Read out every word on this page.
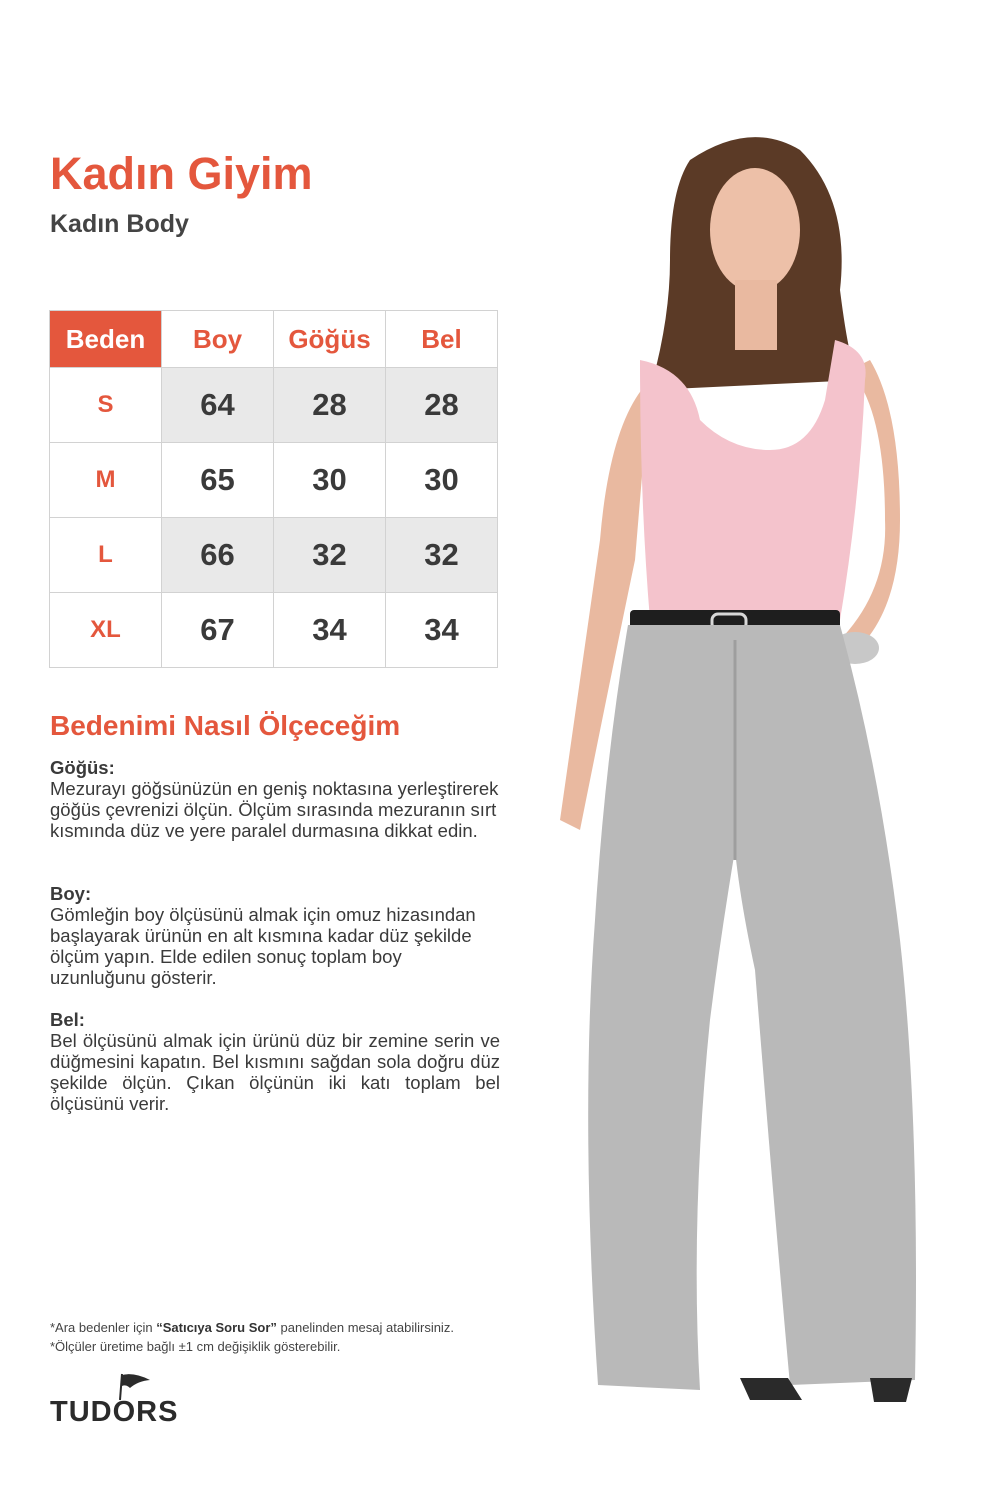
Kadın Giyim
Kadın Body
Beden	Boy	Göğüs	Bel
S	64	28	28
M	65	30	30
L	66	32	32
XL	67	34	34
Bedenimi Nasıl Ölçeceğim
Göğüs:

Mezurayı göğsünüzün en geniş noktasına yerleştirerek göğüs çevrenizi ölçün. Ölçüm sırasında mezuranın sırt kısmında düz ve yere paralel durmasına dikkat edin.

Boy:

Gömleğin boy ölçüsünü almak için omuz hizasından başlayarak ürünün en alt kısmına kadar düz şekilde ölçüm yapın. Elde edilen sonuç toplam boy uzunluğunu gösterir.

Bel:

Bel ölçüsünü almak için ürünü düz bir zemine serin ve düğmesini kapatın. Bel kısmını sağdan sola doğru düz şekilde ölçün. Çıkan ölçünün iki katı toplam bel ölçüsünü verir.

*Ara bedenler için “Satıcıya Soru Sor” panelinden mesaj atabilirsiniz.
*Ölçüler üretime bağlı ±1 cm değişiklik gösterebilir.
TUDORS
